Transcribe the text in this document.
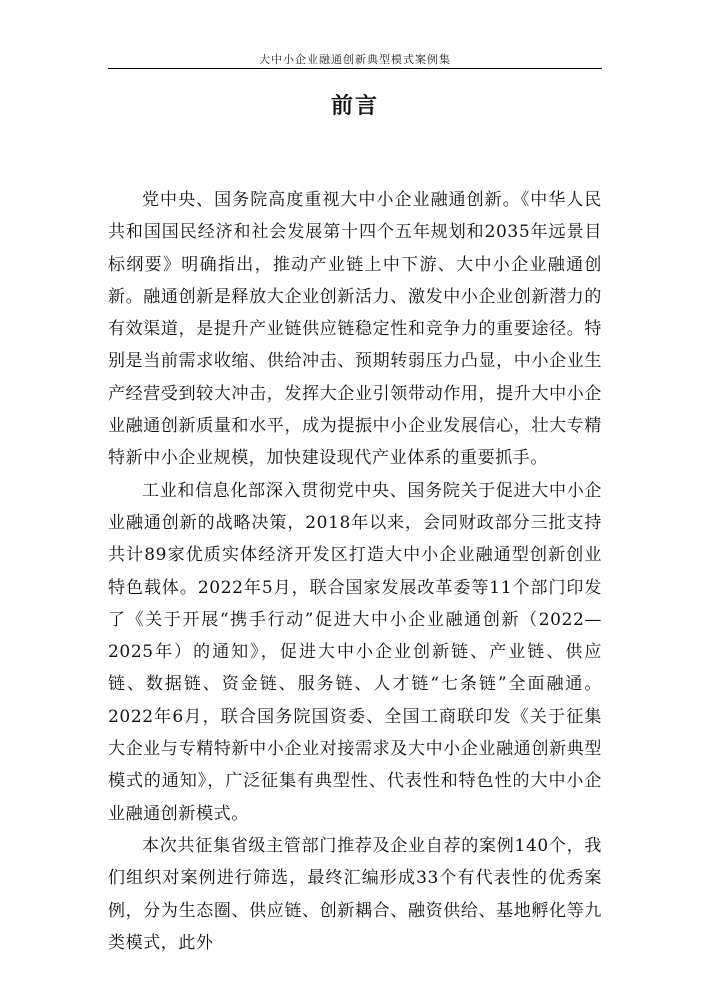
大中小企业融通创新典型模式案例集
前言

党中央、国务院高度重视大中小企业融通创新。《中华人民共和国国民经济和社会发展第十四个五年规划和2035年远景目标纲要》明确指出，推动产业链上中下游、大中小企业融通创新。融通创新是释放大企业创新活力、激发中小企业创新潜力的有效渠道，是提升产业链供应链稳定性和竞争力的重要途径。特别是当前需求收缩、供给冲击、预期转弱压力凸显，中小企业生产经营受到较大冲击，发挥大企业引领带动作用，提升大中小企业融通创新质量和水平，成为提振中小企业发展信心，壮大专精特新中小企业规模，加快建设现代产业体系的重要抓手。

工业和信息化部深入贯彻党中央、国务院关于促进大中小企业融通创新的战略决策，2018年以来，会同财政部分三批支持共计89家优质实体经济开发区打造大中小企业融通型创新创业特色载体。2022年5月，联合国家发展改革委等11个部门印发了《关于开展“携手行动”促进大中小企业融通创新（2022—2025年）的通知》，促进大中小企业创新链、产业链、供应链、数据链、资金链、服务链、人才链“七条链”全面融通。2022年6月，联合国务院国资委、全国工商联印发《关于征集大企业与专精特新中小企业对接需求及大中小企业融通创新典型模式的通知》，广泛征集有典型性、代表性和特色性的大中小企业融通创新模式。

本次共征集省级主管部门推荐及企业自荐的案例140个，我们组织对案例进行筛选，最终汇编形成33个有代表性的优秀案例，分为生态圈、供应链、创新耦合、融资供给、基地孵化等九类模式，此外
